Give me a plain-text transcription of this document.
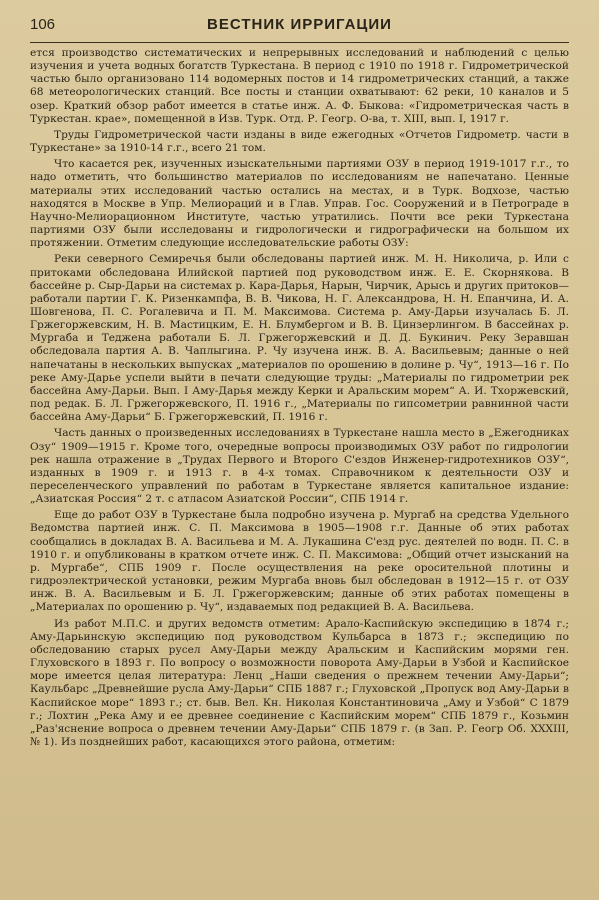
106	ВЕСТНИК ИРРИГАЦИИ

ется производство систематических и непрерывных исследований и наблюдений с целью изучения и учета водных богатств Туркестана. В период с 1910 по 1918 г. Гидрометрической частью было организовано 114 водомерных постов и 14 гидрометрических станций, а также 68 метеорологических станций. Все посты и станции охватывают: 62 реки, 10 каналов и 5 озер. Краткий обзор работ имеется в статье инж. А. Ф. Быкова: «Гидрометрическая часть в Туркестан. крае», помещенной в Изв. Турк. Отд. Р. Геогр. О-ва, т. XIII, вып. I, 1917 г.

Труды Гидрометрической части изданы в виде ежегодных «Отчетов Гидрометр. части в Туркестане» за 1910-14 г.г., всего 21 том.

Что касается рек, изученных изыскательными партиями ОЗУ в период 1919-1017 г.г., то надо отметить, что большинство материалов по исследованиям не напечатано. Ценные материалы этих исследований частью остались на местах, и в Турк. Водхозе, частью находятся в Москве в Упр. Мелиораций и в Глав. Управ. Гос. Сооружений и в Петрограде в Научно-Мелиорационном Институте, частью утратились. Почти все реки Туркестана партиями ОЗУ были исследованы и гидрологически и гидрографически на большом их протяжении. Отметим следующие исследовательские работы ОЗУ:

Реки северного Семиречья были обследованы партией инж. М. Н. Николича, р. Или с притоками обследована Илийской партией под руководством инж. Е. Е. Скорнякова. В бассейне р. Сыр-Дарьи на системах р. Кара-Дарья, Нарын, Чирчик, Арысь и других притоков—работали партии Г. К. Ризенкампфа, В. В. Чикова, Н. Г. Александрова, Н. Н. Епанчина, И. А. Шовгенова, П. С. Рогалевича и П. М. Максимова. Система р. Аму-Дарьи изучалась Б. Л. Гржегоржевским, Н. В. Мастицким, Е. Н. Блумбергом и В. В. Цинзерлингом. В бассейнах р. Мургаба и Теджена работали Б. Л. Гржегоржевский и Д. Д. Букинич. Реку Зеравшан обследовала партия А. В. Чаплыгина. Р. Чу изучена инж. В. А. Васильевым; данные о ней напечатаны в нескольких выпусках „материалов по орошению в долине р. Чу“, 1913—16 г. По реке Аму-Дарье успели выйти в печати следующие труды: „Материалы по гидрометрии рек бассейна Аму-Дарьи. Вып. I Аму-Дарья между Керки и Аральским морем“ А. И. Тхоржевский, под редак. Б. Л. Гржегоржевского, П. 1916 г., „Материалы по гипсометрии равнинной части бассейна Аму-Дарьи“ Б. Гржегоржевский, П. 1916 г.

Часть данных о произведенных исследованиях в Туркестане нашла место в „Ежегодниках Озу“ 1909—1915 г. Кроме того, очередные вопросы производимых ОЗУ работ по гидрологии рек нашла отражение в „Трудах Первого и Второго С'ездов Инженер-гидротехников ОЗУ“, изданных в 1909 г. и 1913 г. в 4-х томах. Справочником к деятельности ОЗУ и переселенческого управлений по работам в Туркестане является капитальное издание: „Азиатская Россия“ 2 т. с атласом Азиатской России“, СПБ 1914 г.

Еще до работ ОЗУ в Туркестане была подробно изучена р. Мургаб на средства Удельного Ведомства партией инж. С. П. Максимова в 1905—1908 г.г. Данные об этих работах сообщались в докладах В. А. Васильева и М. А. Лукашина С'езд рус. деятелей по водн. П. С. в 1910 г. и опубликованы в кратком отчете инж. С. П. Максимова: „Общий отчет изысканий на р. Мургабе“, СПБ 1909 г. После осуществления на реке оросительной плотины и гидроэлектрической установки, режим Мургаба вновь был обследован в 1912—15 г. от ОЗУ инж. В. А. Васильевым и Б. Л. Гржегоржевским; данные об этих работах помещены в „Материалах по орошению р. Чу“, издаваемых под редакцией В. А. Васильева.

Из работ М.П.С. и других ведомств отметим: Арало-Каспийскую экспедицию в 1874 г.; Аму-Дарьинскую экспедицию под руководством Кульбарса в 1873 г.; экспедицию по обследованию старых русел Аму-Дарьи между Аральским и Каспийским морями ген. Глуховского в 1893 г. По вопросу о возможности поворота Аму-Дарьи в Узбой и Каспийское море имеется целая литература: Ленц „Наши сведения о прежнем течении Аму-Дарьи“; Каульбарс „Древнейшие русла Аму-Дарьи“ СПБ 1887 г.; Глуховской „Пропуск вод Аму-Дарьи в Каспийское море“ 1893 г.; ст. быв. Вел. Кн. Николая Константиновича „Аму и Узбой“ С 1879 г.; Лохтин „Река Аму и ее древнее соединение с Каспийским морем“ СПБ 1879 г., Козьмин „Раз'яснение вопроса о древнем течении Аму-Дарьи“ СПБ 1879 г. (в Зап. Р. Геогр Об. XXXIII, № 1). Из позднейших работ, касающихся этого района, отметим:
